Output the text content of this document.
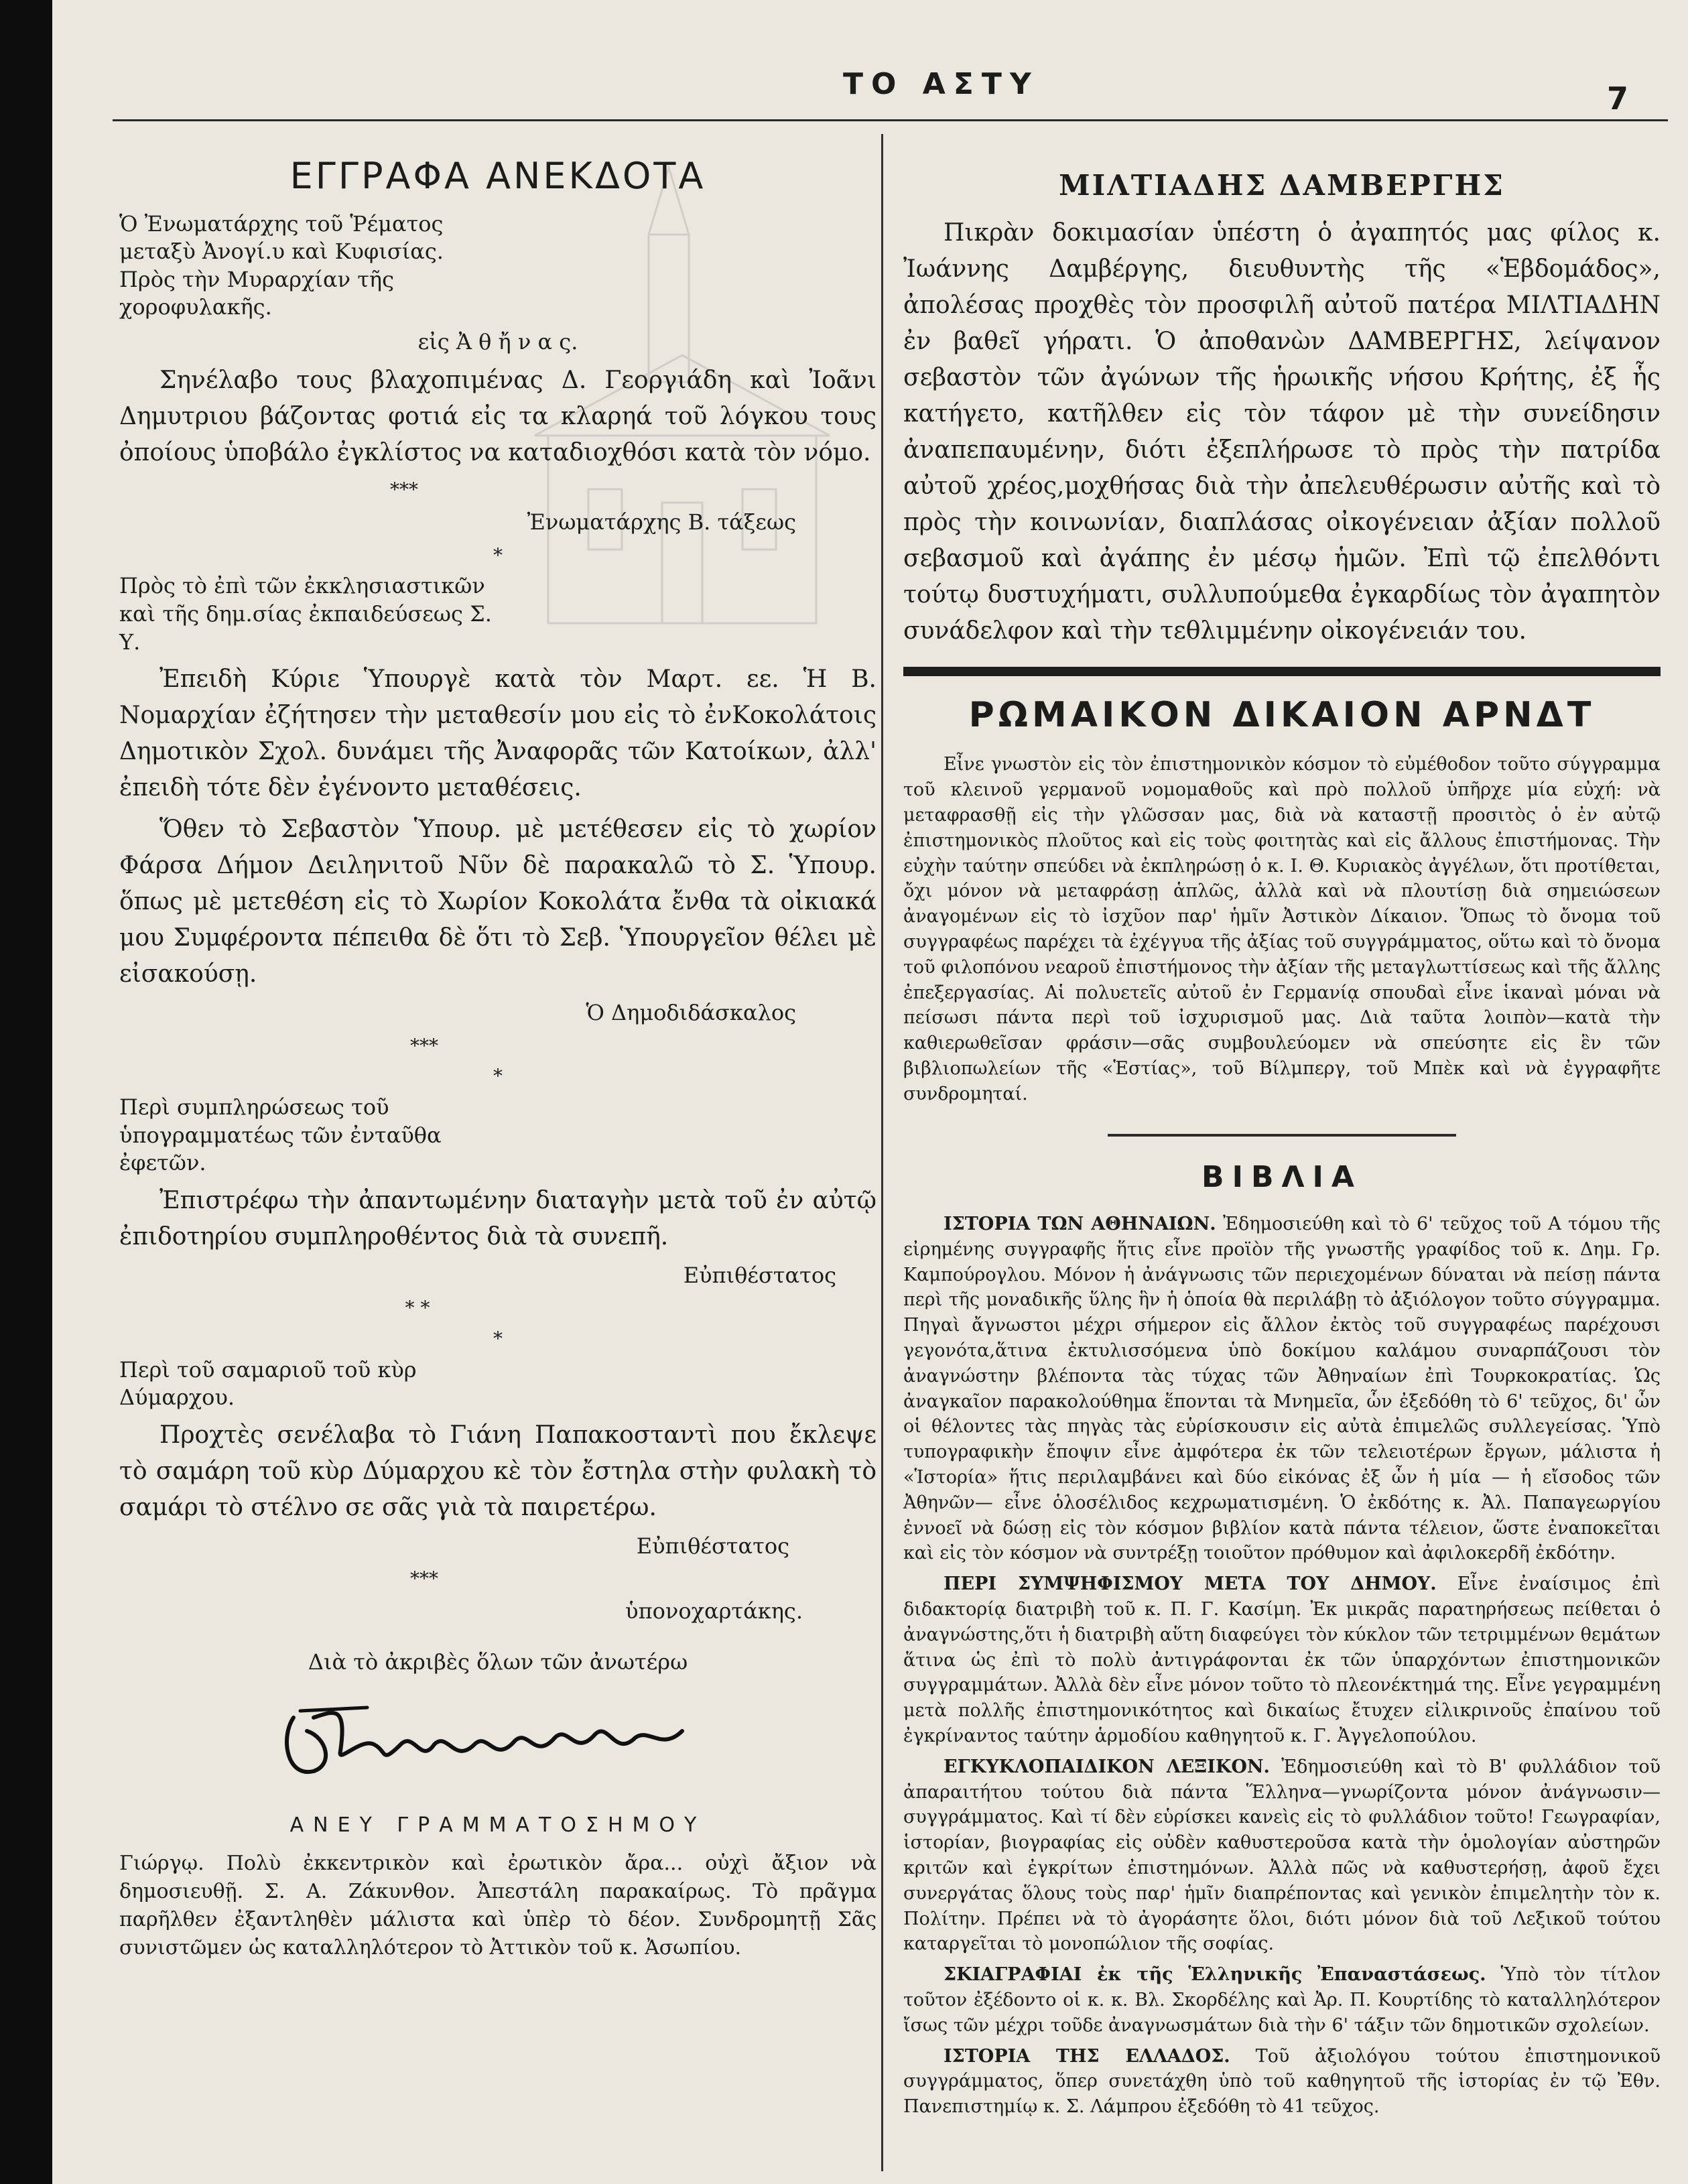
ΤΟ ΑΣΤΥ	7
ΕΓΓΡΑΦΑ ΑΝΕΚΔΟΤΑ
Ὁ Ἐνωματάρχης τοῦ Ῥέματος μεταξὺ Ἀνογί.υ καὶ Κυφισίας. Πρὸς τὴν Μυραρχίαν τῆς χοροφυλακῆς.
εἰς Ἀ θ ἤ ν α ς.
Σηνέλαβο τους βλαχοπιμένας Δ. Γεοργιάδη καὶ Ἰοᾶνι Δημυτριου βάζοντας φοτιά εἰς τα κλαρηά τοῦ λόγκου τους ὀποίους ὑποβάλο ἐγκλίστος να καταδιοχθόσι κατὰ τὸν νόμο.
***
Ἐνωματάρχης Β. τάξεως
*
Πρὸς τὸ ἐπὶ τῶν ἐκκλησιαστικῶν καὶ τῆς δημ.σίας ἐκπαιδεύσεως Σ. Υ.
Ἐπειδὴ Κύριε Ὑπουργὲ κατὰ τὸν Μαρτ. εε. Ἡ Β. Νομαρχίαν ἐζήτησεν τὴν μεταθεσίν μου εἰς τὸ ἐνΚοκολάτοις Δημοτικὸν Σχολ. δυνάμει τῆς Ἀναφορᾶς τῶν Κατοίκων, ἀλλ' ἐπειδὴ τότε δὲν ἐγένοντο μεταθέσεις.
Ὅθεν τὸ Σεβαστὸν Ὑπουρ. μὲ μετέθεσεν εἰς τὸ χωρίον Φάρσα Δήμον Δειληνιτοῦ Νῦν δὲ παρακαλῶ τὸ Σ. Ὑπουρ. ὅπως μὲ μετεθέση εἰς τὸ Χωρίον Κοκολάτα ἔνθα τὰ οἰκιακά μου Συμφέροντα πέπειθα δὲ ὅτι τὸ Σεβ. Ὑπουργεῖον θέλει μὲ εἰσακούσῃ.
Ὁ Δημοδιδάσκαλος
***
*
Περὶ συμπληρώσεως τοῦ ὑπογραμματέως τῶν ἐνταῦθα ἐφετῶν.
Ἐπιστρέφω τὴν ἀπαντωμένην διαταγὴν μετὰ τοῦ ἐν αὐτῷ ἐπιδοτηρίου συμπληροθέντος διὰ τὰ συνεπῆ.
Εὐπιθέστατος
* *
*
Περὶ τοῦ σαμαριοῦ τοῦ κὺρ Δύμαρχου.
Προχτὲς σενέλαβα τὸ Γιάνη Παπακοσταντὶ που ἔκλεψε τὸ σαμάρη τοῦ κὺρ Δύμαρχου κὲ τὸν ἔστηλα στὴν φυλακὴ τὸ σαμάρι τὸ στέλνο σε σᾶς γιὰ τὰ παιρετέρω.
Εὐπιθέστατος
***
ὑπονοχαρτάκης.
Διὰ τὸ ἀκριβὲς ὅλων τῶν ἀνωτέρω
ΑΝΕΥ ΓΡΑΜΜΑΤΟΣΗΜΟΥ
Γιώργῳ. Πολὺ ἐκκεντρικὸν καὶ ἐρωτικὸν ἄρα... οὐχὶ ἄξιον νὰ δημοσιευθῇ. Σ. Α. Ζάκυνθον. Ἀπεστάλη παρακαίρως. Τὸ πρᾶγμα παρῆλθεν ἐξαντληθὲν μάλιστα καὶ ὑπὲρ τὸ δέον. Συνδρομητῇ Σᾶς συνιστῶμεν ὡς καταλληλότερον τὸ Ἀττικὸν τοῦ κ. Ἀσωπίου.
ΜΙΛΤΙΑΔΗΣ ΔΑΜΒΕΡΓΗΣ
Πικρὰν δοκιμασίαν ὑπέστη ὁ ἀγαπητός μας φίλος κ. Ἰωάννης Δαμβέργης, διευθυντὴς τῆς «Ἑβδομάδος», ἀπολέσας προχθὲς τὸν προσφιλῆ αὐτοῦ πατέρα ΜΙΛΤΙΑΔΗΝ ἐν βαθεῖ γήρατι. Ὁ ἀποθανὼν ΔΑΜΒΕΡΓΗΣ, λείψανον σεβαστὸν τῶν ἀγώνων τῆς ἡρωικῆς νήσου Κρήτης, ἐξ ἧς κατήγετο, κατῆλθεν εἰς τὸν τάφον μὲ τὴν συνείδησιν ἀναπεπαυμένην, διότι ἐξεπλήρωσε τὸ πρὸς τὴν πατρίδα αὐτοῦ χρέος,μοχθήσας διὰ τὴν ἀπελευθέρωσιν αὐτῆς καὶ τὸ πρὸς τὴν κοινωνίαν, διαπλάσας οἰκογένειαν ἀξίαν πολλοῦ σεβασμοῦ καὶ ἀγάπης ἐν μέσῳ ἡμῶν. Ἐπὶ τῷ ἐπελθόντι τούτῳ δυστυχήματι, συλλυπούμεθα ἐγκαρδίως τὸν ἀγαπητὸν συνάδελφον καὶ τὴν τεθλιμμένην οἰκογένειάν του.
ΡΩΜΑΙΚΟΝ ΔΙΚΑΙΟΝ ΑΡΝΔΤ
Εἶνε γνωστὸν εἰς τὸν ἐπιστημονικὸν κόσμον τὸ εὐμέθοδον τοῦτο σύγγραμμα τοῦ κλεινοῦ γερμανοῦ νομομαθοῦς καὶ πρὸ πολλοῦ ὑπῆρχε μία εὐχή: νὰ μεταφρασθῇ εἰς τὴν γλῶσσαν μας, διὰ νὰ καταστῇ προσιτὸς ὁ ἐν αὐτῷ ἐπιστημονικὸς πλοῦτος καὶ εἰς τοὺς φοιτητὰς καὶ εἰς ἄλλους ἐπιστήμονας. Τὴν εὐχὴν ταύτην σπεύδει νὰ ἐκπληρώσῃ ὁ κ. Ι. Θ. Κυριακὸς ἀγγέλων, ὅτι προτίθεται, ὄχι μόνον νὰ μεταφράσῃ ἁπλῶς, ἀλλὰ καὶ νὰ πλουτίσῃ διὰ σημειώσεων ἀναγομένων εἰς τὸ ἰσχῦον παρ' ἡμῖν Ἀστικὸν Δίκαιον. Ὅπως τὸ ὄνομα τοῦ συγγραφέως παρέχει τὰ ἐχέγγυα τῆς ἀξίας τοῦ συγγράμματος, οὕτω καὶ τὸ ὄνομα τοῦ φιλοπόνου νεαροῦ ἐπιστήμονος τὴν ἀξίαν τῆς μεταγλωττίσεως καὶ τῆς ἄλλης ἐπεξεργασίας. Αἱ πολυετεῖς αὐτοῦ ἐν Γερμανίᾳ σπουδαὶ εἶνε ἱκαναὶ μόναι νὰ πείσωσι πάντα περὶ τοῦ ἰσχυρισμοῦ μας. Διὰ ταῦτα λοιπὸν—κατὰ τὴν καθιερωθεῖσαν φράσιν—σᾶς συμβουλεύομεν νὰ σπεύσητε εἰς ἓν τῶν βιβλιοπωλείων τῆς «Ἑστίας», τοῦ Βίλμπεργ, τοῦ Μπὲκ καὶ νὰ ἐγγραφῆτε συνδρομηταί.
ΒΙΒΛΙΑ
ΙΣΤΟΡΙΑ ΤΩΝ ΑΘΗΝΑΙΩΝ. Ἐδημοσιεύθη καὶ τὸ 6' τεῦχος τοῦ Α τόμου τῆς εἰρημένης συγγραφῆς ἥτις εἶνε προϊὸν τῆς γνωστῆς γραφίδος τοῦ κ. Δημ. Γρ. Καμπούρογλου. Μόνον ἡ ἀνάγνωσις τῶν περιεχομένων δύναται νὰ πείσῃ πάντα περὶ τῆς μοναδικῆς ὕλης ἣν ἡ ὁποία θὰ περιλάβῃ τὸ ἀξιόλογον τοῦτο σύγγραμμα. Πηγαὶ ἄγνωστοι μέχρι σήμερον εἰς ἄλλον ἐκτὸς τοῦ συγγραφέως παρέχουσι γεγονότα,ἅτινα ἐκτυλισσόμενα ὑπὸ δοκίμου καλάμου συναρπάζουσι τὸν ἀναγνώστην βλέποντα τὰς τύχας τῶν Ἀθηναίων ἐπὶ Τουρκοκρατίας. Ὡς ἀναγκαῖον παρακολούθημα ἕπονται τὰ Μνημεῖα, ὧν ἐξεδόθη τὸ 6' τεῦχος, δι' ὧν οἱ θέλοντες τὰς πηγὰς τὰς εὑρίσκουσιν εἰς αὐτὰ ἐπιμελῶς συλλεγείσας. Ὑπὸ τυπογραφικὴν ἔποψιν εἶνε ἀμφότερα ἐκ τῶν τελειοτέρων ἔργων, μάλιστα ἡ «Ἱστορία» ἥτις περιλαμβάνει καὶ δύο εἰκόνας ἐξ ὧν ἡ μία — ἡ εἴσοδος τῶν Ἀθηνῶν— εἶνε ὁλοσέλιδος κεχρωματισμένη. Ὁ ἐκδότης κ. Ἀλ. Παπαγεωργίου ἐννοεῖ νὰ δώσῃ εἰς τὸν κόσμον βιβλίον κατὰ πάντα τέλειον, ὥστε ἐναποκεῖται καὶ εἰς τὸν κόσμον νὰ συντρέξῃ τοιοῦτον πρόθυμον καὶ ἀφιλοκερδῆ ἐκδότην.
ΠΕΡΙ ΣΥΜΨΗΦΙΣΜΟΥ ΜΕΤΑ ΤΟΥ ΔΗΜΟΥ. Εἶνε ἐναίσιμος ἐπὶ διδακτορίᾳ διατριβὴ τοῦ κ. Π. Γ. Κασίμη. Ἐκ μικρᾶς παρατηρήσεως πείθεται ὁ ἀναγνώστης,ὅτι ἡ διατριβὴ αὕτη διαφεύγει τὸν κύκλον τῶν τετριμμένων θεμάτων ἅτινα ὡς ἐπὶ τὸ πολὺ ἀντιγράφονται ἐκ τῶν ὑπαρχόντων ἐπιστημονικῶν συγγραμμάτων. Ἀλλὰ δὲν εἶνε μόνον τοῦτο τὸ πλεονέκτημά της. Εἶνε γεγραμμένη μετὰ πολλῆς ἐπιστημονικότητος καὶ δικαίως ἔτυχεν εἰλικρινοῦς ἐπαίνου τοῦ ἐγκρίναντος ταύτην ἁρμοδίου καθηγητοῦ κ. Γ. Ἀγγελοπούλου.
ΕΓΚΥΚΛΟΠΑΙΔΙΚΟΝ ΛΕΞΙΚΟΝ. Ἐδημοσιεύθη καὶ τὸ Β' φυλλάδιον τοῦ ἀπαραιτήτου τούτου διὰ πάντα Ἕλληνα—γνωρίζοντα μόνον ἀνάγνωσιν—συγγράμματος. Καὶ τί δὲν εὑρίσκει κανεὶς εἰς τὸ φυλλάδιον τοῦτο! Γεωγραφίαν, ἱστορίαν, βιογραφίας εἰς οὐδὲν καθυστεροῦσα κατὰ τὴν ὁμολογίαν αὐστηρῶν κριτῶν καὶ ἐγκρίτων ἐπιστημόνων. Ἀλλὰ πῶς νὰ καθυστερήσῃ, ἀφοῦ ἔχει συνεργάτας ὅλους τοὺς παρ' ἡμῖν διαπρέποντας καὶ γενικὸν ἐπιμελητὴν τὸν κ. Πολίτην. Πρέπει νὰ τὸ ἀγοράσητε ὅλοι, διότι μόνον διὰ τοῦ Λεξικοῦ τούτου καταργεῖται τὸ μονοπώλιον τῆς σοφίας.
ΣΚΙΑΓΡΑΦΙΑΙ ἐκ τῆς Ἑλληνικῆς Ἐπαναστάσεως. Ὑπὸ τὸν τίτλον τοῦτον ἐξέδοντο οἱ κ. κ. Βλ. Σκορδέλης καὶ Ἀρ. Π. Κουρτίδης τὸ καταλληλότερον ἴσως τῶν μέχρι τοῦδε ἀναγνωσμάτων διὰ τὴν 6' τάξιν τῶν δημοτικῶν σχολείων.
ΙΣΤΟΡΙΑ ΤΗΣ ΕΛΛΑΔΟΣ. Τοῦ ἀξιολόγου τούτου ἐπιστημονικοῦ συγγράμματος, ὅπερ συνετάχθη ὑπὸ τοῦ καθηγητοῦ τῆς ἱστορίας ἐν τῷ Ἐθν. Πανεπιστημίῳ κ. Σ. Λάμπρου ἐξεδόθη τὸ 41 τεῦχος.
